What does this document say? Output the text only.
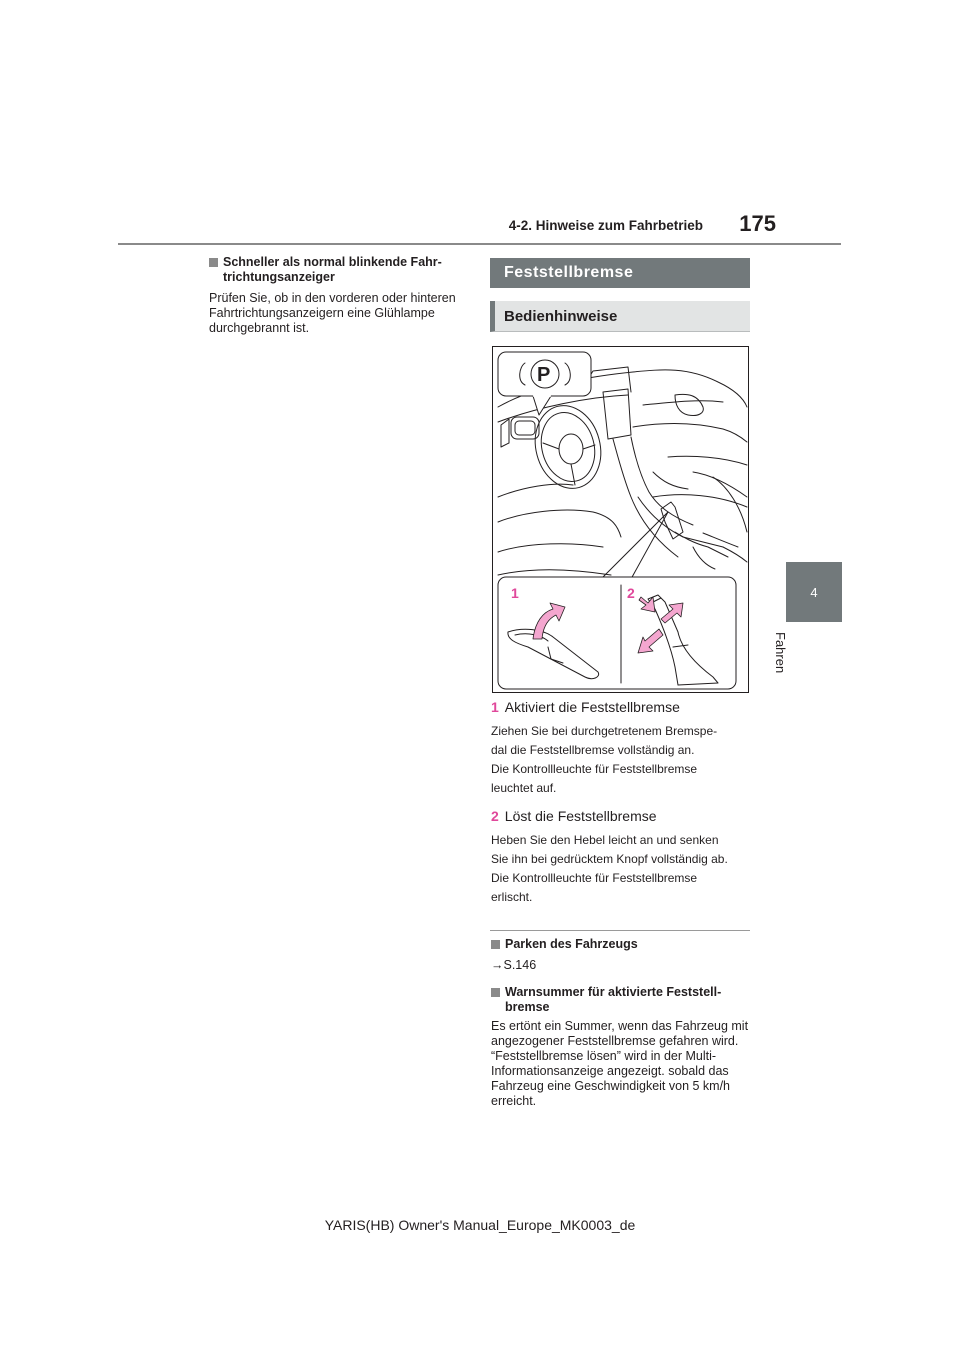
4-2. Hinweise zum Fahrbetrieb	175
4
Fahren
Schneller als normal blinkende Fahr-trichtungsanzeiger

Prüfen Sie, ob in den vorderen oder hinteren Fahrtrichtungsanzeigern eine Glühlampe durchgebrannt ist.

Feststellbremse
Bedienhinweise
1	2
P
1 Aktiviert die Feststellbremse
Ziehen Sie bei durchgetretenem Bremspe-
dal die Feststellbremse vollständig an.
Die Kontrollleuchte für Feststellbremse
leuchtet auf.
2 Löst die Feststellbremse
Heben Sie den Hebel leicht an und senken
Sie ihn bei gedrücktem Knopf vollständig ab.
Die Kontrollleuchte für Feststellbremse
erlischt.
Parken des Fahrzeugs

→S.146

Warnsummer für aktivierte Feststell-bremse

Es ertönt ein Summer, wenn das Fahrzeug mit angezogener Feststellbremse gefahren wird. “Feststellbremse lösen” wird in der Multi-Informationsanzeige angezeigt. sobald das Fahrzeug eine Geschwindigkeit von 5 km/h erreicht.

YARIS(HB) Owner's Manual_Europe_MK0003_de
